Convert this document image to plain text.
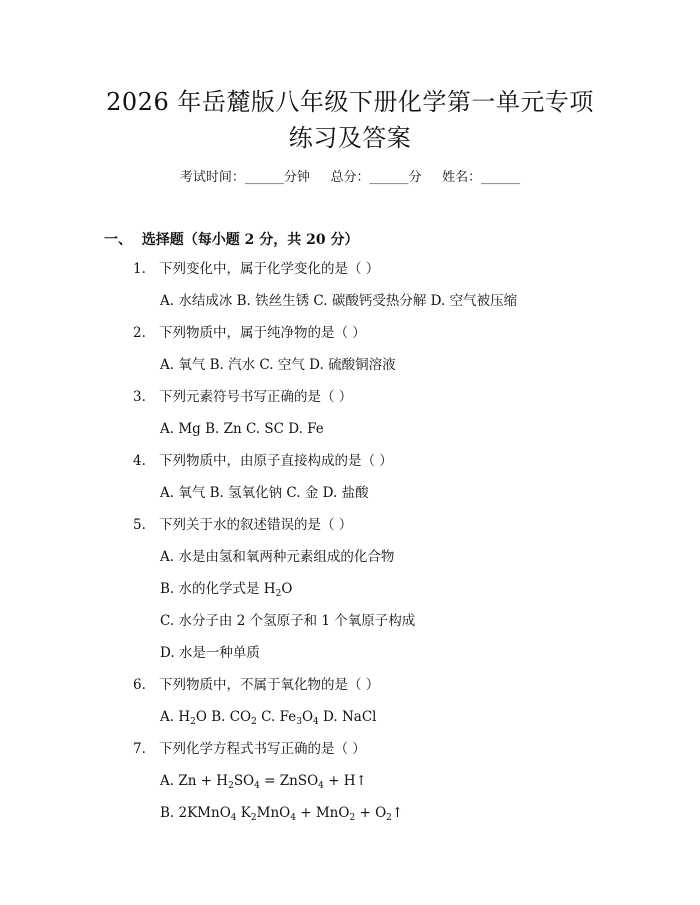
2026 年岳麓版八年级下册化学第一单元专项
练习及答案
考试时间：______分钟     总分：______分     姓名：______
一、  选择题（每小题 2 分，共 20 分）
1. 下列变化中，属于化学变化的是（ ）
A. 水结成冰 B. 铁丝生锈 C. 碳酸钙受热分解 D. 空气被压缩
2. 下列物质中，属于纯净物的是（ ）
A. 氧气 B. 汽水 C. 空气 D. 硫酸铜溶液
3. 下列元素符号书写正确的是（ ）
A. Mg B. Zn C. SC D. Fe
4. 下列物质中，由原子直接构成的是（ ）
A. 氧气 B. 氢氧化钠 C. 金 D. 盐酸
5. 下列关于水的叙述错误的是（ ）
A. 水是由氢和氧两种元素组成的化合物
B. 水的化学式是 $H_2O$
C. 水分子由 2 个氢原子和 1 个氧原子构成
D. 水是一种单质
6. 下列物质中，不属于氧化物的是（ ）
A. $H_2O$ B. $CO_2$ C. $Fe_3O_4$ D. NaCl
7. 下列化学方程式书写正确的是（ ）
A. $Zn + H_2SO_4$ = ZnSO$_4$ + H↑
B. 2KMnO$_4$ $K_2MnO_4 + MnO_2$ + $O_2↑$
